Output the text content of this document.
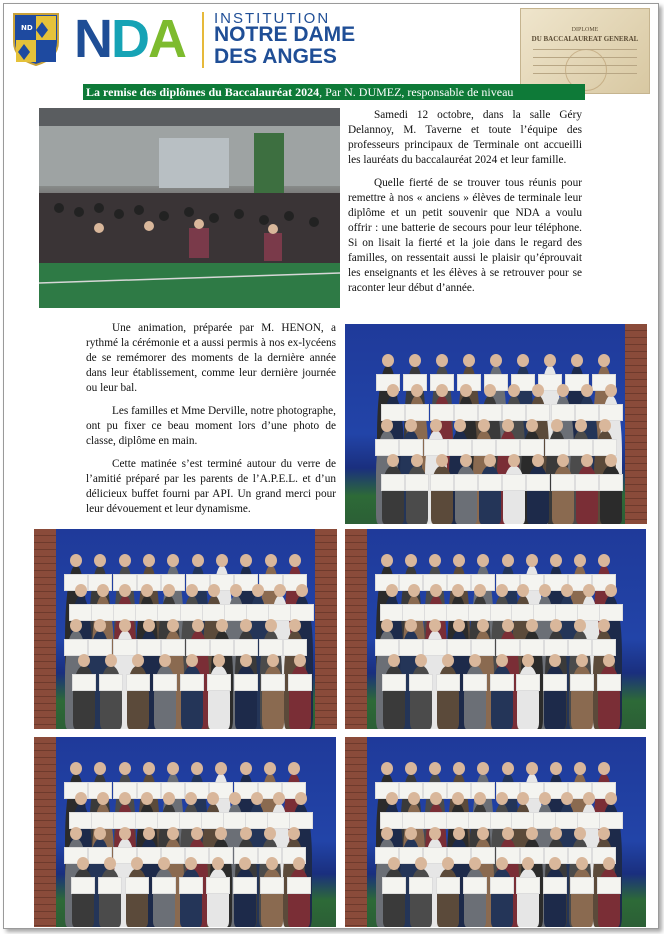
ND NDA INSTITUTION
NOTRE DAME
DES ANGES
DIPLOME
DU BACCALAUREAT GENERAL
La remise des diplômes du Baccalauréat 2024, Par N. DUMEZ, responsable de niveau

Samedi 12 octobre, dans la salle Géry Delannoy, M. Taverne et toute l’équipe des professeurs principaux de Terminale ont accueilli les lauréats du baccalauréat 2024 et leur famille.

Quelle fierté de se trouver tous réunis pour remettre à nos « anciens » élèves de terminale leur diplôme et un petit souvenir que NDA a voulu offrir : une batterie de secours pour leur téléphone. Si on lisait la fierté et la joie dans le regard des familles, on ressentait aussi le plaisir qu’éprouvait les enseignants et les élèves à se retrouver pour se raconter leur début d’année.

Une animation, préparée par M. HENON, a rythmé la cérémonie et a aussi permis à nos ex-lycéens de se remémorer des moments de la dernière année dans leur établissement, comme leur dernière journée ou leur bal.

Les familles et Mme Derville, notre photographe, ont pu fixer ce beau moment lors d’une photo de classe, diplôme en main.

Cette matinée s’est terminé autour du verre de l’amitié préparé par les parents de l’A.P.E.L. et d’un délicieux buffet fourni par API. Un grand merci pour leur dévouement et leur dynamisme.
